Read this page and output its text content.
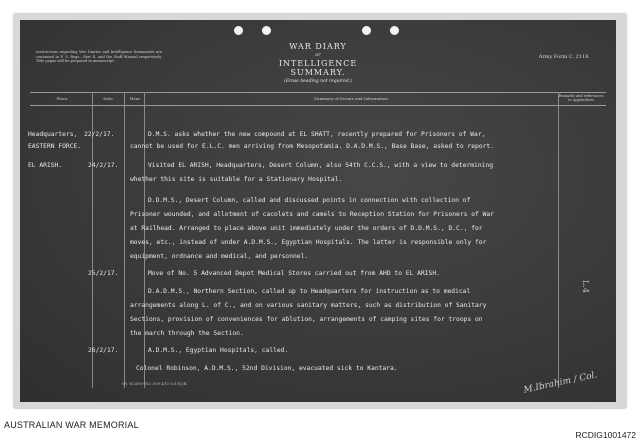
Instructions regarding War Diaries and Intelligence Summaries are contained in F. S. Regs., Part II. and the Staff Manual respectively. Title pages will be prepared in manuscript.
WAR DIARY
or
INTELLIGENCE SUMMARY.
(Erase heading not required.)
Army Form C. 2118.
Place	Date	Hour	Summary of Events and Information	Remarks and references to Appendices
Headquarters, 22/2/17.	D.M.S. asks whether the new compound at EL SHATT, recently prepared for Prisoners of War,
EASTERN FORCE.	cannot be used for E.L.C. men arriving from Mesopotamia. D.A.D.M.S., Base Base, asked to report.
EL ARISH.	24/2/17.	Visited EL ARISH, Headquarters, Desert Column, also 54th C.C.S., with a view to determining
whether this site is suitable for a Stationary Hospital.
D.D.M.S., Desert Column, called and discussed points in connection with collection of
Prisoner wounded, and allotment of cacolets and camels to Reception Station for Prisoners of War
at Railhead. Arranged to place above unit immediately under the orders of D.D.M.S., D.C., for
moves, etc., instead of under A.D.M.S., Egyptian Hospitals. The latter is responsible only for
equipment, ordnance and medical, and personnel.
25/2/17.	Move of No. 5 Advanced Depot Medical Stores carried out from AHD to EL ARISH.
D.A.D.M.S., Northern Section, called up to Headquarters for instruction as to medical
arrangements along L. of C., and on various sanitary matters, such as distribution of Sanitary
Sections, provision of conveniences for ablution, arrangements of camping sites for troops on
the march through the Section.
26/2/17.	A.D.M.S., Egyptian Hospitals, called.
Colonel Robinson, A.D.M.S., 52nd Division, evacuated sick to Kantara.
Wt. W.2090-782 .000 4/15 S.S.W.J.B.
L.4
M.Ibrahim / Col.
AUSTRALIAN WAR MEMORIAL
RCDIG1001472
